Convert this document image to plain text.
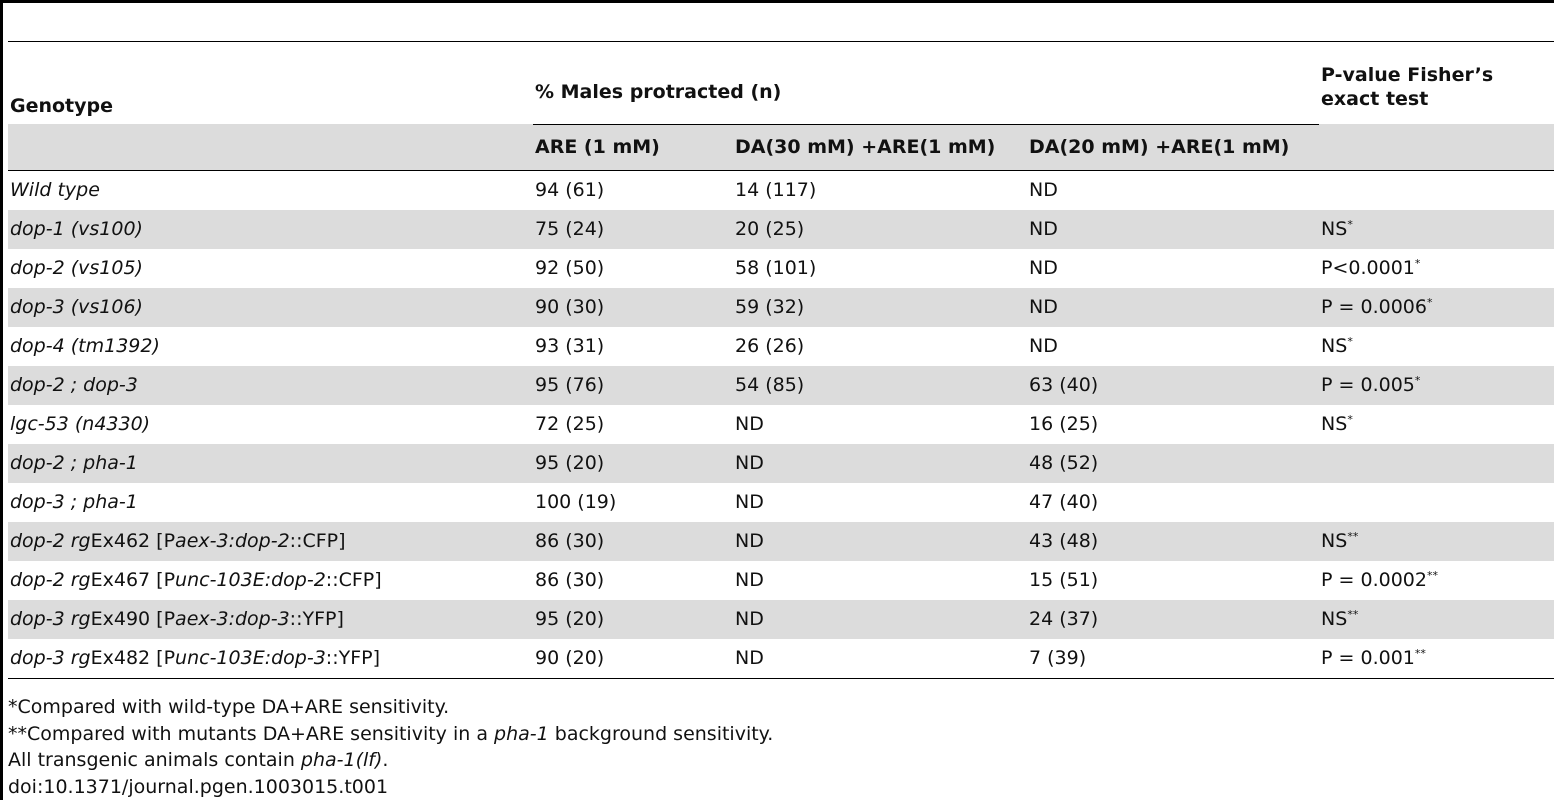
Genotype	% Males protracted (n)			P-value Fisher’s exact test
	ARE (1 mM)	DA(30 mM) +ARE(1 mM)	DA(20 mM) +ARE(1 mM)	
Wild type	94 (61)	14 (117)	ND	
dop-1 (vs100)	75 (24)	20 (25)	ND	NS*
dop-2 (vs105)	92 (50)	58 (101)	ND	P<0.0001*
dop-3 (vs106)	90 (30)	59 (32)	ND	P = 0.0006*
dop-4 (tm1392)	93 (31)	26 (26)	ND	NS*
dop-2 ; dop-3	95 (76)	54 (85)	63 (40)	P = 0.005*
lgc-53 (n4330)	72 (25)	ND	16 (25)	NS*
dop-2 ; pha-1	95 (20)	ND	48 (52)	
dop-3 ; pha-1	100 (19)	ND	47 (40)	
dop-2 rgEx462 [Paex-3:dop-2::CFP]	86 (30)	ND	43 (48)	NS**
dop-2 rgEx467 [Punc-103E:dop-2::CFP]	86 (30)	ND	15 (51)	P = 0.0002**
dop-3 rgEx490 [Paex-3:dop-3::YFP]	95 (20)	ND	24 (37)	NS**
dop-3 rgEx482 [Punc-103E:dop-3::YFP]	90 (20)	ND	7 (39)	P = 0.001**
*Compared with wild-type DA+ARE sensitivity.
**Compared with mutants DA+ARE sensitivity in a pha-1 background sensitivity.
All transgenic animals contain pha-1(lf).
doi:10.1371/journal.pgen.1003015.t001
